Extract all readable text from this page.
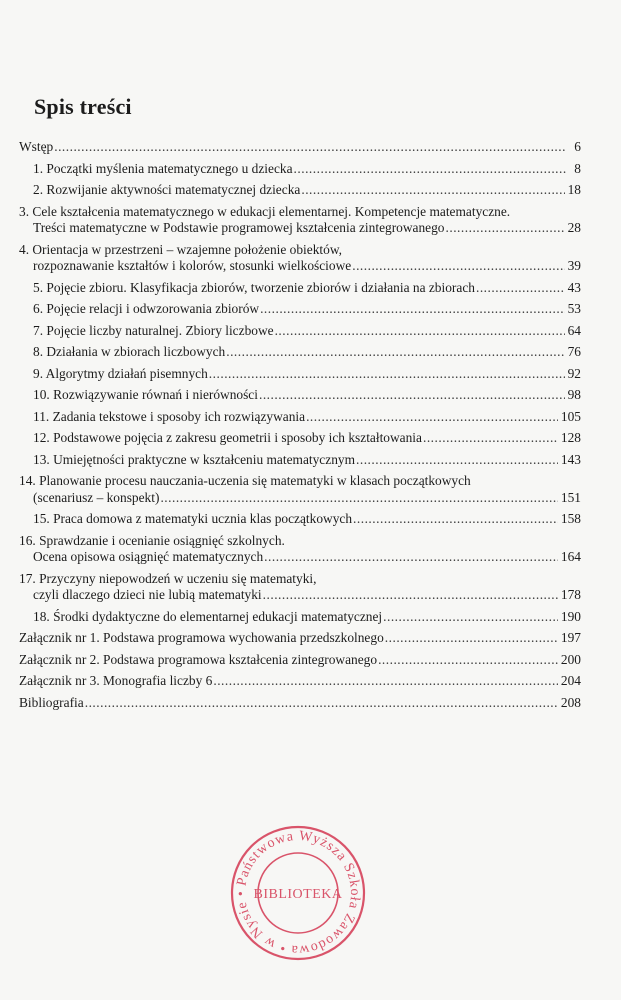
Spis treści
Wstęp .....	6
1. Początki myślenia matematycznego u dziecka .....	8
2. Rozwijanie aktywności matematycznej dziecka .....	18
3. Cele kształcenia matematycznego w edukacji elementarnej. Kompetencje matematyczne.
Treści matematyczne w Podstawie programowej kształcenia zintegrowanego .....	28
4. Orientacja w przestrzeni – wzajemne położenie obiektów,
rozpoznawanie kształtów i kolorów, stosunki wielkościowe .....	39
5. Pojęcie zbioru. Klasyfikacja zbiorów, tworzenie zbiorów i działania na zbiorach .....	43
6. Pojęcie relacji i odwzorowania zbiorów .....	53
7. Pojęcie liczby naturalnej. Zbiory liczbowe .....	64
8. Działania w zbiorach liczbowych .....	76
9. Algorytmy działań pisemnych .....	92
10. Rozwiązywanie równań i nierówności .....	98
11. Zadania tekstowe i sposoby ich rozwiązywania .....	105
12. Podstawowe pojęcia z zakresu geometrii i sposoby ich kształtowania .....	128
13. Umiejętności praktyczne w kształceniu matematycznym .....	143
14. Planowanie procesu nauczania-uczenia się matematyki w klasach początkowych
(scenariusz – konspekt) .....	151
15. Praca domowa z matematyki ucznia klas początkowych .....	158
16. Sprawdzanie i ocenianie osiągnięć szkolnych.
Ocena opisowa osiągnięć matematycznych .....	164
17. Przyczyny niepowodzeń w uczeniu się matematyki,
czyli dlaczego dzieci nie lubią matematyki .....	178
18. Środki dydaktyczne do elementarnej edukacji matematycznej .....	190
Załącznik nr 1. Podstawa programowa wychowania przedszkolnego .....	197
Załącznik nr 2. Podstawa programowa kształcenia zintegrowanego .....	200
Załącznik nr 3. Monografia liczby 6 .....	204
Bibliografia .....	208
Państwowa Wyższa Szkoła Zawodowa • w Nysie • BIBLIOTEKA
